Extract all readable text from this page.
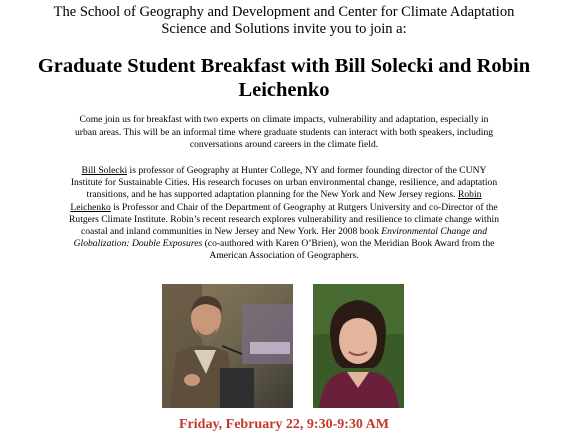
The School of Geography and Development and Center for Climate Adaptation
Science and Solutions invite you to join a:
Graduate Student Breakfast with Bill Solecki and Robin
Leichenko
Come join us for breakfast with two experts on climate impacts, vulnerability and adaptation, especially in
urban areas. This will be an informal time where graduate students can interact with both speakers, including
conversations around careers in the climate field.
Bill Solecki is professor of Geography at Hunter College, NY and former founding director of the CUNY
Institute for Sustainable Cities. His research focuses on urban environmental change, resilience, and adaptation
transitions, and he has supported adaptation planning for the New York and New Jersey regions. Robin
Leichenko is Professor and Chair of the Department of Geography at Rutgers University and co-Director of the
Rutgers Climate Institute. Robin’s recent research explores vulnerability and resilience to climate change within
coastal and inland communities in New Jersey and New York. Her 2008 book Environmental Change and
Globalization: Double Exposures (co-authored with Karen O’Brien), won the Meridian Book Award from the
American Association of Geographers.
Friday, February 22, 9:30-9:30 AM
